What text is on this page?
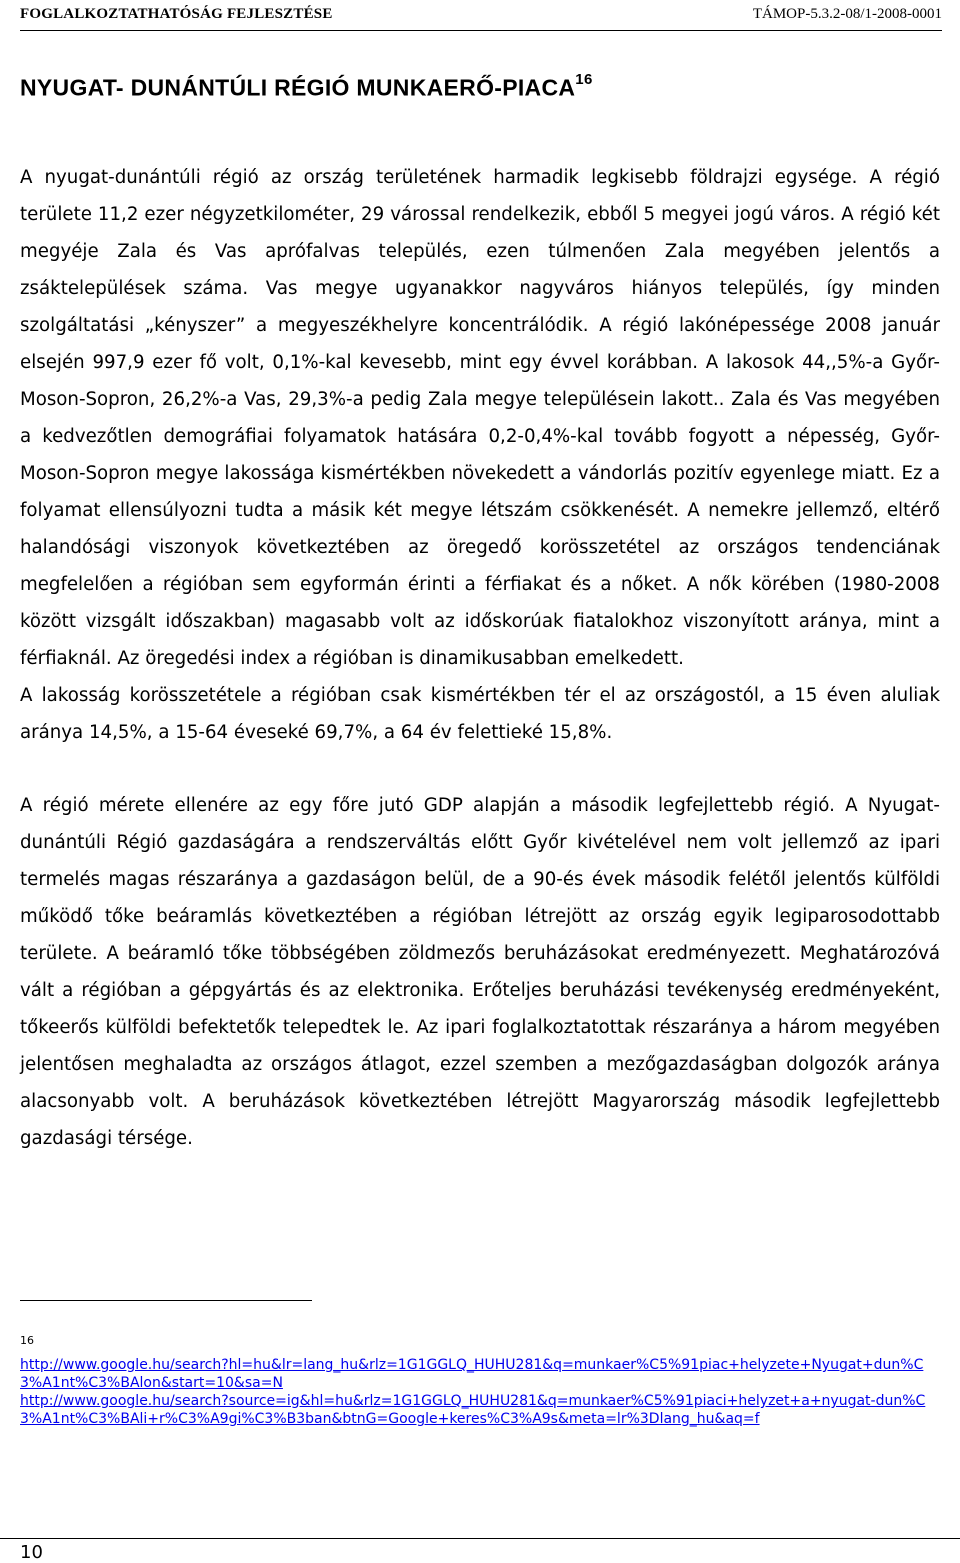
FOGLALKOZTATHATÓSÁG FEJLESZTÉSE	TÁMOP-5.3.2-08/1-2008-0001
NYUGAT- DUNÁNTÚLI RÉGIÓ MUNKAERŐ-PIACA$^{16}$

A nyugat-dunántúli régió az ország területének harmadik legkisebb földrajzi egysége. A régió területe 11,2 ezer négyzetkilométer, 29 várossal rendelkezik, ebből 5 megyei jogú város. A régió két megyéje Zala és Vas aprófalvas település, ezen túlmenően Zala megyében jelentős a zsáktelepülések száma. Vas megye ugyanakkor nagyváros hiányos település, így minden szolgáltatási „kényszer” a megyeszékhelyre koncentrálódik. A régió lakónépessége 2008 január elsején 997,9 ezer fő volt, 0,1%-kal kevesebb, mint egy évvel korábban. A lakosok 44,,5%-a Győr-Moson-Sopron, 26,2%-a Vas, 29,3%-a pedig Zala megye településein lakott.. Zala és Vas megyében a kedvezőtlen demográfiai folyamatok hatására 0,2-0,4%-kal tovább fogyott a népesség, Győr-Moson-Sopron megye lakossága kismértékben növekedett a vándorlás pozitív egyenlege miatt. Ez a folyamat ellensúlyozni tudta a másik két megye létszám csökkenését. A nemekre jellemző, eltérő halandósági viszonyok következtében az öregedő korösszetétel az országos tendenciának megfelelően a régióban sem egyformán érinti a férfiakat és a nőket. A nők körében (1980-2008 között vizsgált időszakban) magasabb volt az időskorúak fiatalokhoz viszonyított aránya, mint a férfiaknál. Az öregedési index a régióban is dinamikusabban emelkedett.

A lakosság korösszetétele a régióban csak kismértékben tér el az országostól, a 15 éven aluliak aránya 14,5%, a 15-64 éveseké 69,7%, a 64 év felettieké 15,8%.

A régió mérete ellenére az egy főre jutó GDP alapján a második legfejlettebb régió. A Nyugat-dunántúli Régió gazdaságára a rendszerváltás előtt Győr kivételével nem volt jellemző az ipari termelés magas részaránya a gazdaságon belül, de a 90-és évek második felétől jelentős külföldi működő tőke beáramlás következtében a régióban létrejött az ország egyik legiparosodottabb területe. A beáramló tőke többségében zöldmezős beruházásokat eredményezett. Meghatározóvá vált a régióban a gépgyártás és az elektronika. Erőteljes beruházási tevékenység eredményeként, tőkeerős külföldi befektetők telepedtek le. Az ipari foglalkoztatottak részaránya a három megyében jelentősen meghaladta az országos átlagot, ezzel szemben a mezőgazdaságban dolgozók aránya alacsonyabb volt. A beruházások következtében létrejött Magyarország második legfejlettebb gazdasági térsége.

16
http://www.google.hu/search?hl=hu&lr=lang_hu&rlz=1G1GGLQ_HUHU281&q=munkaer%C5%91piac+helyzete+Nyugat+dun%C3%A1nt%C3%BAlon&start=10&sa=N
http://www.google.hu/search?source=ig&hl=hu&rlz=1G1GGLQ_HUHU281&q=munkaer%C5%91piaci+helyzet+a+nyugat-dun%C3%A1nt%C3%BAli+r%C3%A9gi%C3%B3ban&btnG=Google+keres%C3%A9s&meta=lr%3Dlang_hu&aq=f
10
